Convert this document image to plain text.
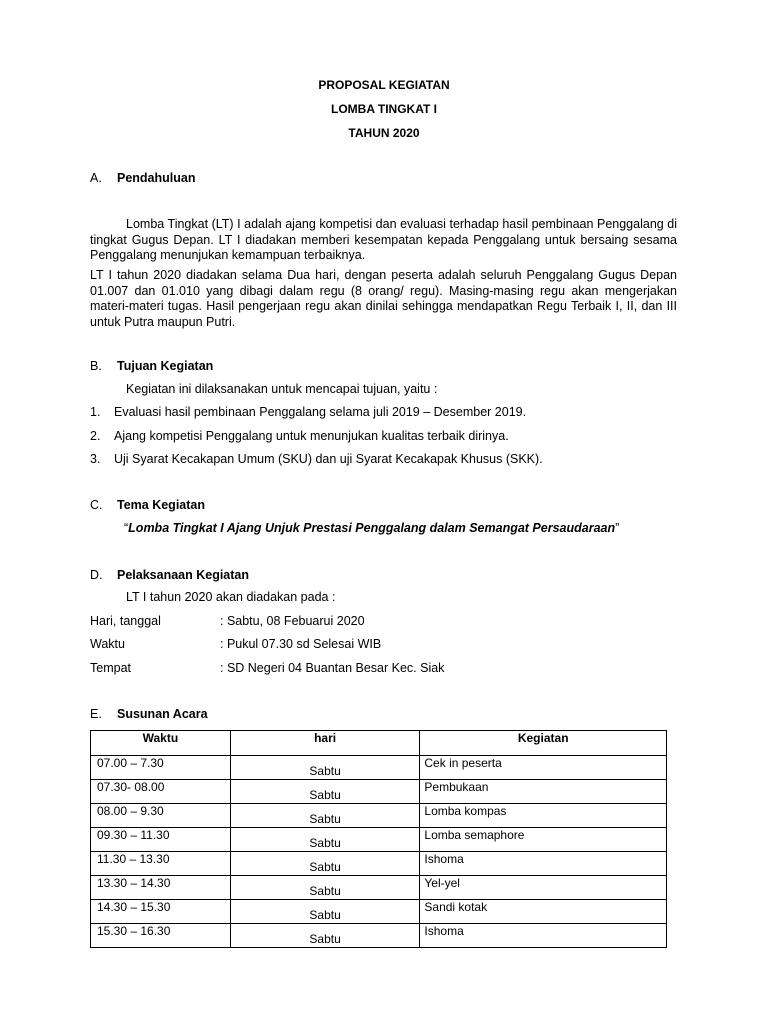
PROPOSAL KEGIATAN
LOMBA TINGKAT I
TAHUN 2020
A. Pendahuluan
Lomba Tingkat (LT) I adalah ajang kompetisi dan evaluasi terhadap hasil pembinaan Penggalang di tingkat Gugus Depan. LT I diadakan memberi kesempatan kepada Penggalang untuk bersaing sesama Penggalang menunjukan kemampuan terbaiknya.
LT I tahun 2020 diadakan selama Dua hari, dengan peserta adalah seluruh Penggalang Gugus Depan 01.007 dan 01.010 yang dibagi dalam regu (8 orang/ regu). Masing-masing regu akan mengerjakan materi-materi tugas. Hasil pengerjaan regu akan dinilai sehingga mendapatkan Regu Terbaik I, II, dan III untuk Putra maupun Putri.
B. Tujuan Kegiatan
Kegiatan ini dilaksanakan untuk mencapai tujuan, yaitu :
1. Evaluasi hasil pembinaan Penggalang selama juli 2019 – Desember 2019.
2. Ajang kompetisi Penggalang untuk menunjukan kualitas terbaik dirinya.
3. Uji Syarat Kecakapan Umum (SKU) dan uji Syarat Kecakapak Khusus (SKK).
C. Tema Kegiatan
“Lomba Tingkat I Ajang Unjuk Prestasi Penggalang dalam Semangat Persaudaraan”
D. Pelaksanaan Kegiatan
LT I tahun 2020 akan diadakan pada :
Hari, tanggal	: Sabtu, 08 Febuarui 2020
Waktu	: Pukul 07.30 sd Selesai WIB
Tempat	: SD Negeri 04 Buantan Besar Kec. Siak
E. Susunan Acara
Waktu	hari	Kegiatan
07.00 – 7.30	Sabtu	Cek in peserta
07.30- 08.00	Sabtu	Pembukaan
08.00 – 9.30	Sabtu	Lomba kompas
09.30 – 11.30	Sabtu	Lomba semaphore
11.30 – 13.30	Sabtu	Ishoma
13.30 – 14.30	Sabtu	Yel-yel
14.30 – 15.30	Sabtu	Sandi kotak
15.30 – 16.30	Sabtu	Ishoma
